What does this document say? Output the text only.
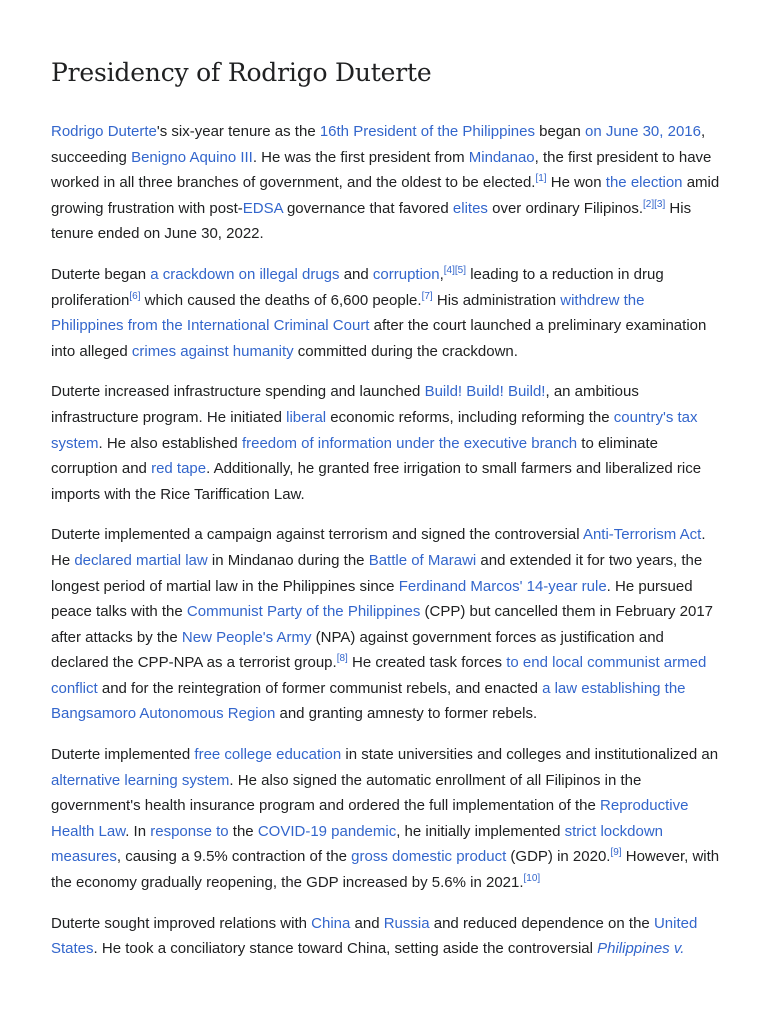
Presidency of Rodrigo Duterte

Rodrigo Duterte's six-year tenure as the 16th President of the Philippines began on June 30, 2016, succeeding Benigno Aquino III. He was the first president from Mindanao, the first president to have worked in all three branches of government, and the oldest to be elected.[1] He won the election amid growing frustration with post-EDSA governance that favored elites over ordinary Filipinos.[2][3] His tenure ended on June 30, 2022.

Duterte began a crackdown on illegal drugs and corruption,[4][5] leading to a reduction in drug proliferation[6] which caused the deaths of 6,600 people.[7] His administration withdrew the Philippines from the International Criminal Court after the court launched a preliminary examination into alleged crimes against humanity committed during the crackdown.

Duterte increased infrastructure spending and launched Build! Build! Build!, an ambitious infrastructure program. He initiated liberal economic reforms, including reforming the country's tax system. He also established freedom of information under the executive branch to eliminate corruption and red tape. Additionally, he granted free irrigation to small farmers and liberalized rice imports with the Rice Tariffication Law.

Duterte implemented a campaign against terrorism and signed the controversial Anti-Terrorism Act. He declared martial law in Mindanao during the Battle of Marawi and extended it for two years, the longest period of martial law in the Philippines since Ferdinand Marcos' 14-year rule. He pursued peace talks with the Communist Party of the Philippines (CPP) but cancelled them in February 2017 after attacks by the New People's Army (NPA) against government forces as justification and declared the CPP-NPA as a terrorist group.[8] He created task forces to end local communist armed conflict and for the reintegration of former communist rebels, and enacted a law establishing the Bangsamoro Autonomous Region and granting amnesty to former rebels.

Duterte implemented free college education in state universities and colleges and institutionalized an alternative learning system. He also signed the automatic enrollment of all Filipinos in the government's health insurance program and ordered the full implementation of the Reproductive Health Law. In response to the COVID-19 pandemic, he initially implemented strict lockdown measures, causing a 9.5% contraction of the gross domestic product (GDP) in 2020.[9] However, with the economy gradually reopening, the GDP increased by 5.6% in 2021.[10]

Duterte sought improved relations with China and Russia and reduced dependence on the United States. He took a conciliatory stance toward China, setting aside the controversial Philippines v.
